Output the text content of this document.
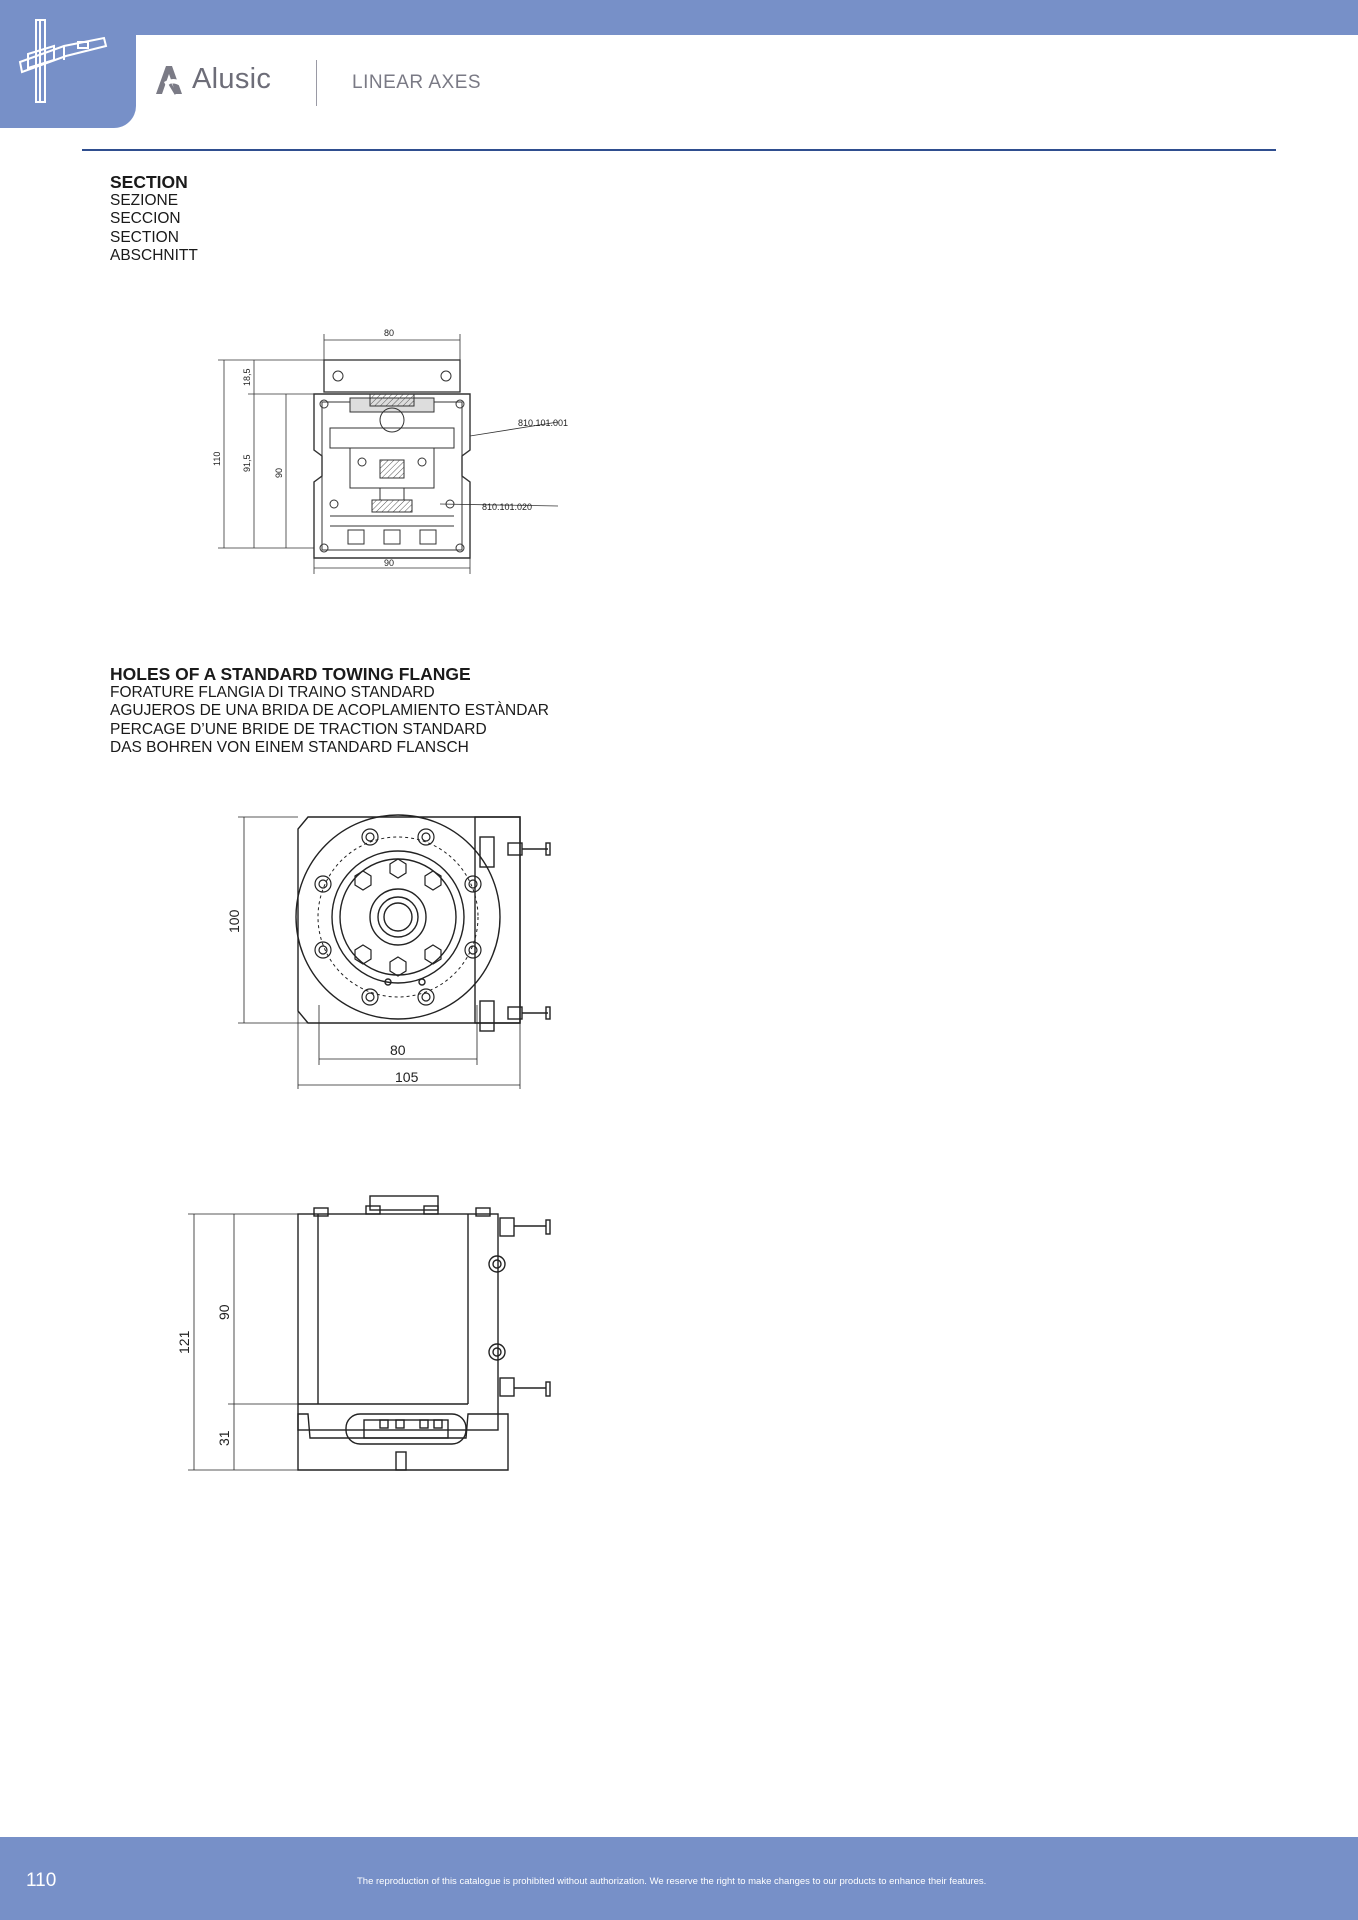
Alusic	LINEAR AXES
SECTION
SEZIONE
SECCION
SECTION
ABSCHNITT
80
90
110 91,5
18,5
90
810.101.001
810.101.020
HOLES OF A STANDARD TOWING FLANGE
FORATURE FLANGIA DI TRAINO STANDARD
AGUJEROS DE UNA BRIDA DE ACOPLAMIENTO ESTÀNDAR
PERCAGE D’UNE BRIDE DE TRACTION STANDARD
DAS BOHREN VON EINEM STANDARD FLANSCH
100
80
105
121
90
31
110	The reproduction of this catalogue is prohibited without authorization. We reserve the right to make changes to our products to enhance their features.
